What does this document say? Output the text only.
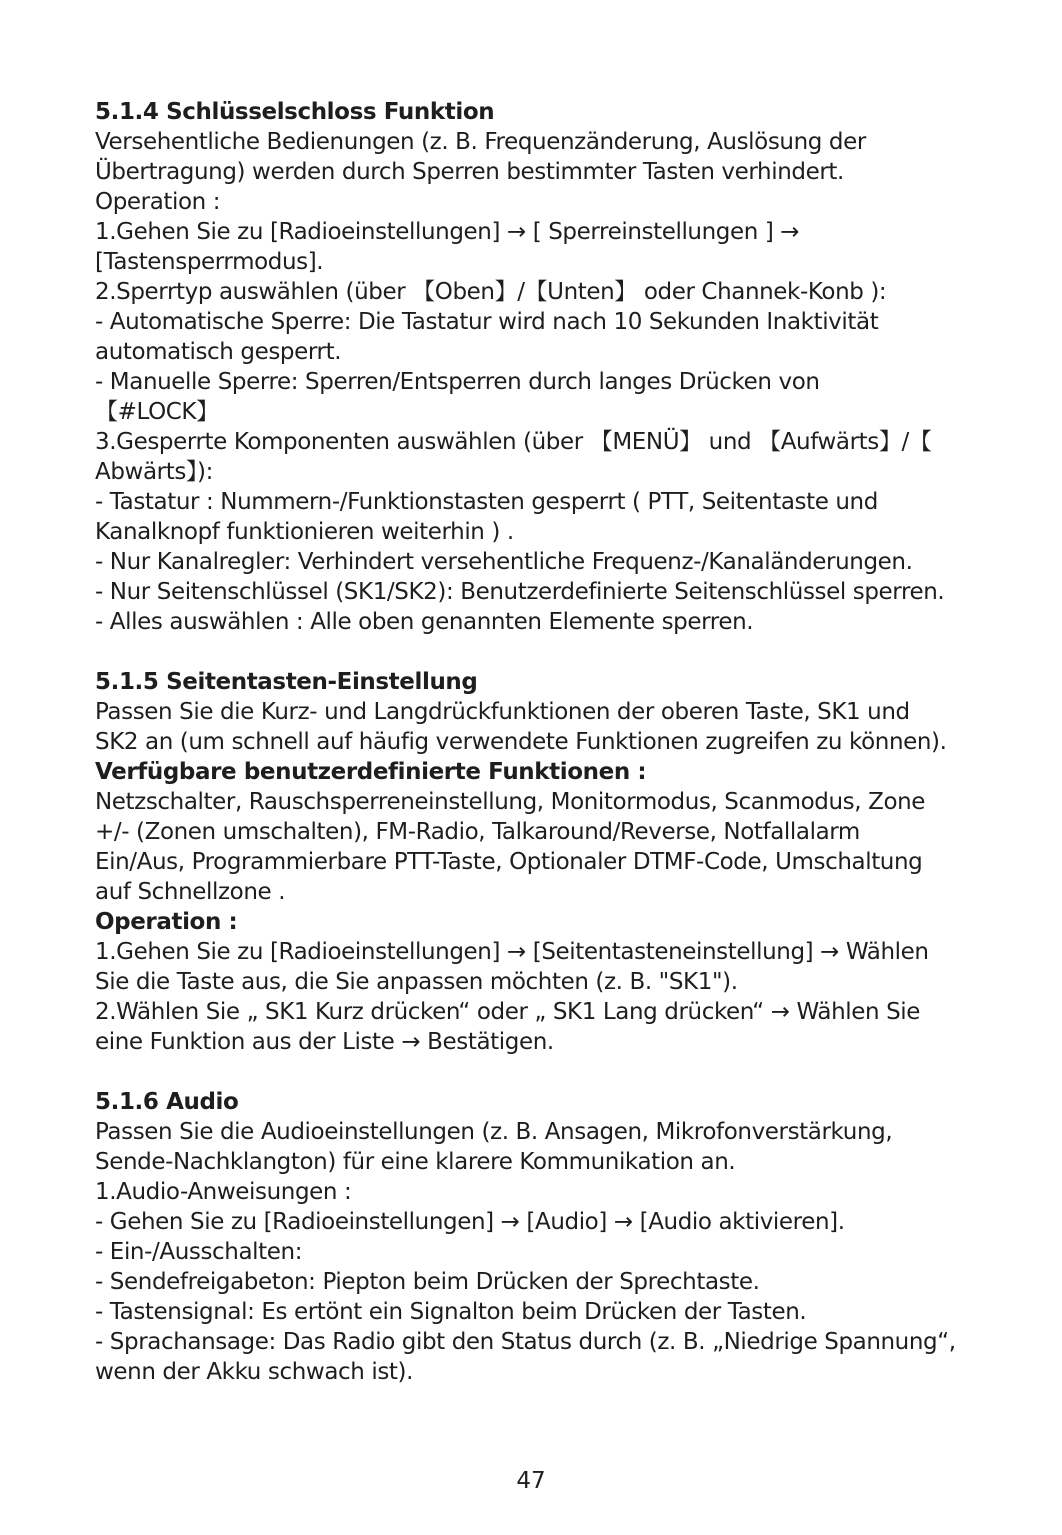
5.1.4 Schlüsselschloss Funktion
Versehentliche Bedienungen (z. B. Frequenzänderung, Auslösung der
Übertragung) werden durch Sperren bestimmter Tasten verhindert.
Operation :
1.Gehen Sie zu [Radioeinstellungen] → [ Sperreinstellungen ] →
[Tastensperrmodus].
2.Sperrtyp auswählen (über 【Oben】/【Unten】 oder Channek-Konb ):
- Automatische Sperre: Die Tastatur wird nach 10 Sekunden Inaktivität
automatisch gesperrt.
- Manuelle Sperre: Sperren/Entsperren durch langes Drücken von
【#LOCK】
3.Gesperrte Komponenten auswählen (über 【MENÜ】 und 【Aufwärts】/【
Abwärts】):
- Tastatur : Nummern-/Funktionstasten gesperrt ( PTT, Seitentaste und
Kanalknopf funktionieren weiterhin ) .
- Nur Kanalregler: Verhindert versehentliche Frequenz-/Kanaländerungen.
- Nur Seitenschlüssel (SK1/SK2): Benutzerdefinierte Seitenschlüssel sperren.
- Alles auswählen : Alle oben genannten Elemente sperren.
5.1.5 Seitentasten-Einstellung
Passen Sie die Kurz- und Langdrückfunktionen der oberen Taste, SK1 und
SK2 an (um schnell auf häufig verwendete Funktionen zugreifen zu können).
Verfügbare benutzerdefinierte Funktionen :
Netzschalter, Rauschsperreneinstellung, Monitormodus, Scanmodus, Zone
+/- (Zonen umschalten), FM-Radio, Talkaround/Reverse, Notfallalarm
Ein/Aus, Programmierbare PTT-Taste, Optionaler DTMF-Code, Umschaltung
auf Schnellzone .
Operation :
1.Gehen Sie zu [Radioeinstellungen] → [Seitentasteneinstellung] → Wählen
Sie die Taste aus, die Sie anpassen möchten (z. B. "SK1").
2.Wählen Sie „ SK1 Kurz drücken“ oder „ SK1 Lang drücken“ → Wählen Sie
eine Funktion aus der Liste → Bestätigen.
5.1.6 Audio
Passen Sie die Audioeinstellungen (z. B. Ansagen, Mikrofonverstärkung,
Sende-Nachklangton) für eine klarere Kommunikation an.
1.Audio-Anweisungen :
- Gehen Sie zu [Radioeinstellungen] → [Audio] → [Audio aktivieren].
- Ein-/Ausschalten:
- Sendefreigabeton: Piepton beim Drücken der Sprechtaste.
- Tastensignal: Es ertönt ein Signalton beim Drücken der Tasten.
- Sprachansage: Das Radio gibt den Status durch (z. B. „Niedrige Spannung“,
wenn der Akku schwach ist).
47
